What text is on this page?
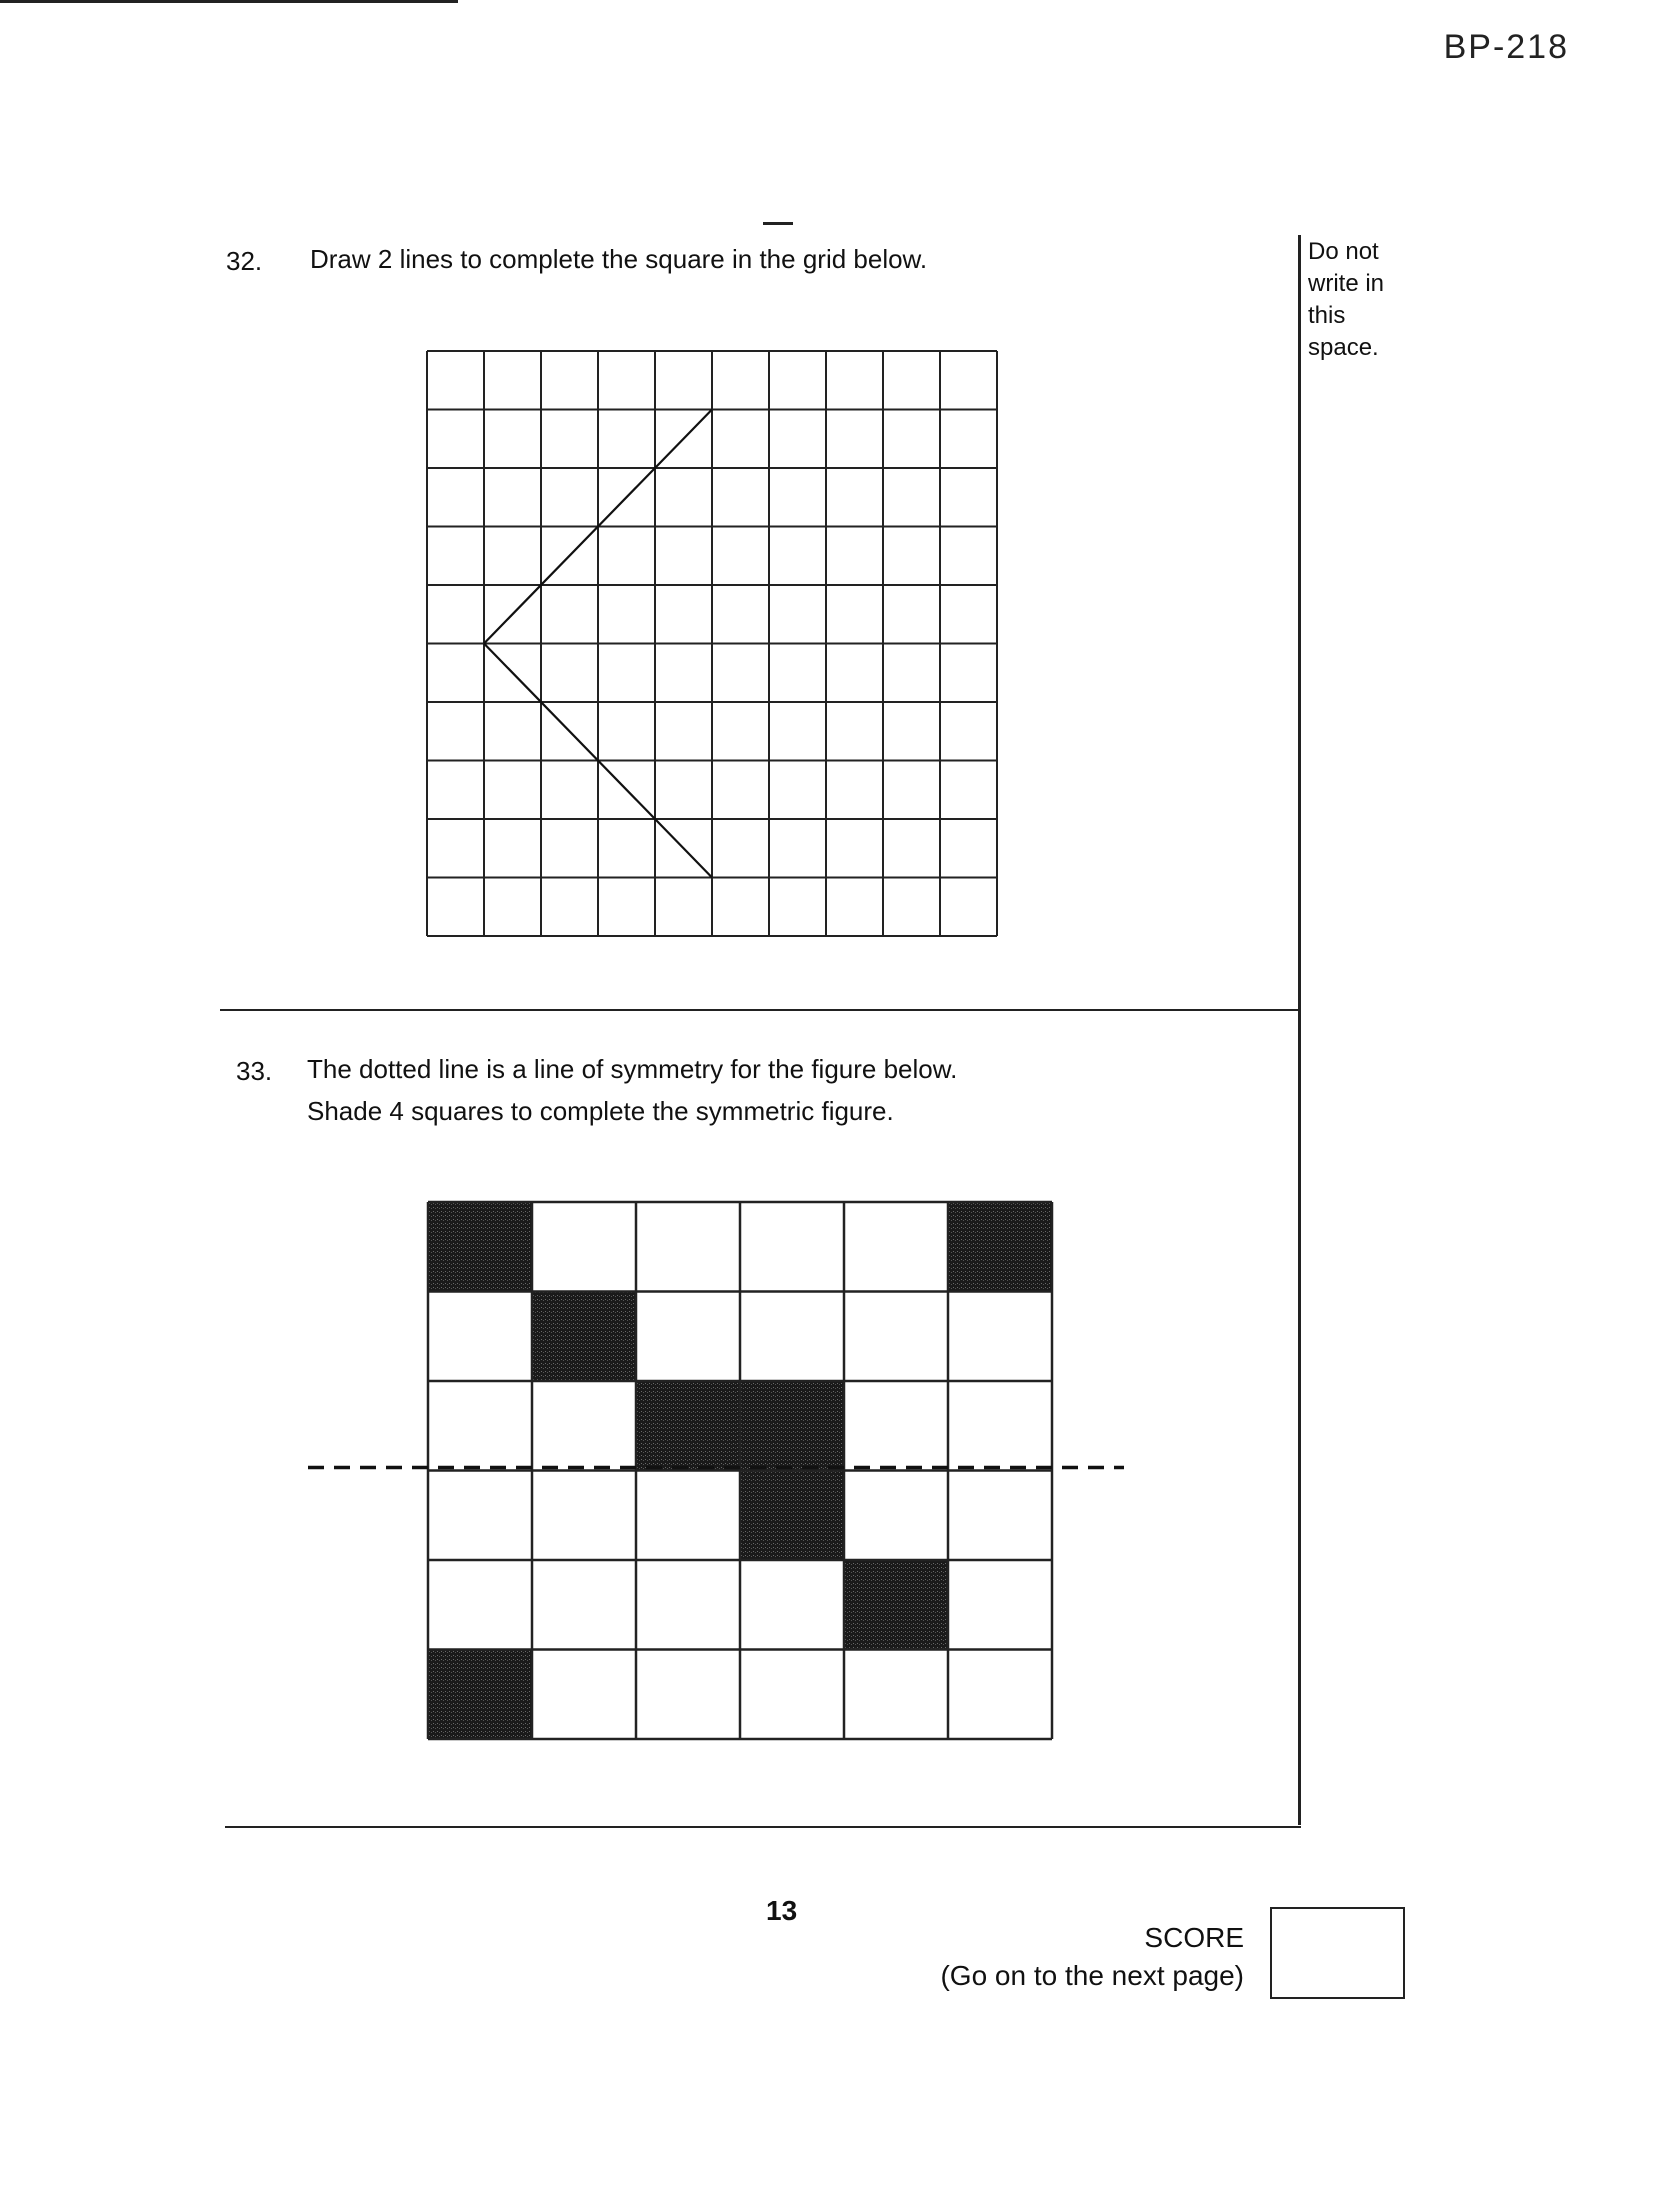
BP-218
32. Draw 2 lines to complete the square in the grid below.	Do not
write in
this
space.
33. The dotted line is a line of symmetry for the figure below.
Shade 4 squares to complete the symmetric figure.
13
SCORE
(Go on to the next page)
